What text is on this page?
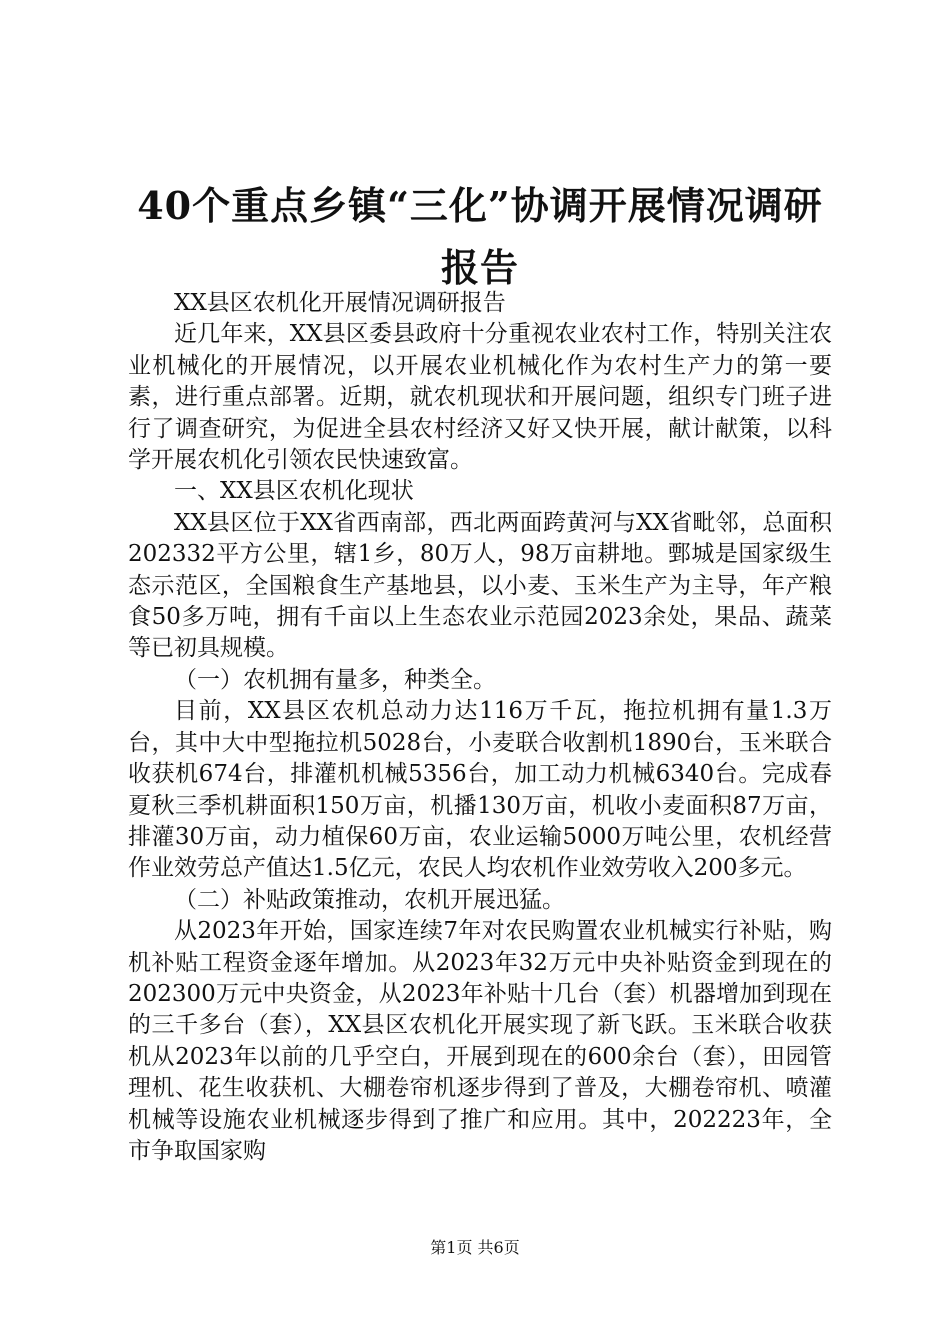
40个重点乡镇“三化”协调开展情况调研报告

XX县区农机化开展情况调研报告

近几年来，XX县区委县政府十分重视农业农村工作，特别关注农业机械化的开展情况，以开展农业机械化作为农村生产力的第一要素，进行重点部署。近期，就农机现状和开展问题，组织专门班子进行了调查研究，为促进全县农村经济又好又快开展，献计献策，以科学开展农机化引领农民快速致富。

一、XX县区农机化现状

XX县区位于XX省西南部，西北两面跨黄河与XX省毗邻，总面积202332平方公里，辖1乡，80万人，98万亩耕地。鄄城是国家级生态示范区，全国粮食生产基地县，以小麦、玉米生产为主导，年产粮食50多万吨，拥有千亩以上生态农业示范园2023余处，果品、蔬菜等已初具规模。

（一）农机拥有量多，种类全。

目前，XX县区农机总动力达116万千瓦，拖拉机拥有量1.3万台，其中大中型拖拉机5028台，小麦联合收割机1890台，玉米联合收获机674台，排灌机机械5356台，加工动力机械6340台。完成春夏秋三季机耕面积150万亩，机播130万亩，机收小麦面积87万亩，排灌30万亩，动力植保60万亩，农业运输5000万吨公里，农机经营作业效劳总产值达1.5亿元，农民人均农机作业效劳收入200多元。

（二）补贴政策推动，农机开展迅猛。

从2023年开始，国家连续7年对农民购置农业机械实行补贴，购机补贴工程资金逐年增加。从2023年32万元中央补贴资金到现在的202300万元中央资金，从2023年补贴十几台（套）机器增加到现在的三千多台（套），XX县区农机化开展实现了新飞跃。玉米联合收获机从2023年以前的几乎空白，开展到现在的600余台（套），田园管理机、花生收获机、大棚卷帘机逐步得到了普及，大棚卷帘机、喷灌机械等设施农业机械逐步得到了推广和应用。其中，202223年，全市争取国家购

第1页 共6页
